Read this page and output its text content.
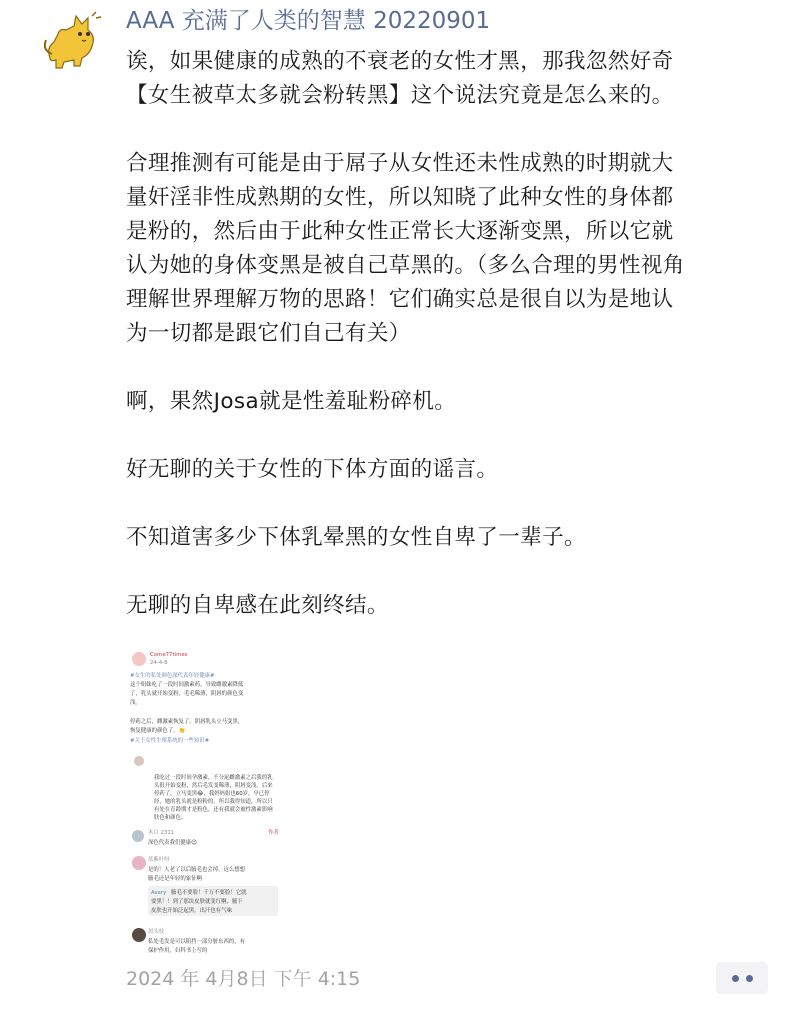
AAA 充满了人类的智慧 20220901
诶，如果健康的成熟的不衰老的女性才黑，那我忽然好奇
【女生被草太多就会粉转黑】这个说法究竟是怎么来的。
合理推测有可能是由于屌子从女性还未性成熟的时期就大
量奸淫非性成熟期的女性，所以知晓了此种女性的身体都
是粉的，然后由于此种女性正常长大逐渐变黑，所以它就
认为她的身体变黑是被自己草黑的。（多么合理的男性视角
理解世界理解万物的思路！它们确实总是很自以为是地认
为一切都是跟它们自己有关）
啊，果然Josa就是性羞耻粉碎机。
好无聊的关于女性的下体方面的谣言。
不知道害多少下体乳晕黑的女性自卑了一辈子。
无聊的自卑感在此刻终结。
Come77times
24-4-8
#女生的私处颜色深代表年轻健康#
这个姐妹吃了一段时间激素药，导致雌激素降低
了，乳头就开始变粉，毛毛稀薄，阴唇的颜色变
浅。
停药之后，雌激素恢复了，阴唇乳头立马变黑，
恢复健康的颜色了。👏
#关于女性生殖系统的一些知识#
我吃过一段时间孕激素，不分泌雌激素之后我的乳
头很开始变粉，然后毛发变稀薄，阴唇变浅，后来
停药了，立马变黑😂，我妈妈姐也60岁，早已停
经，她的乳头就是粉粉的，所以我得知道，所以只
有处在育龄期才是粉色，还有我就会被性激素影响
肤色和颜色。
木白 2311	作者
深色代表我们健康😉
蓝紫叶呀
是的！人老了以后腋毛也会掉，这么想想
腋毛还是年轻的象征啊
Avery 腋毛不要脸！千万不要脸！它就
要黑！！到了那块皮肤就变红啊，腋下
皮肤也开始泛起黑，出汗也有气味
晨头枝
私处毛发是可以阻挡一部分脏东西的，有
保护作用，妇科书上写的
2024 年 4月8日 下午 4:15
